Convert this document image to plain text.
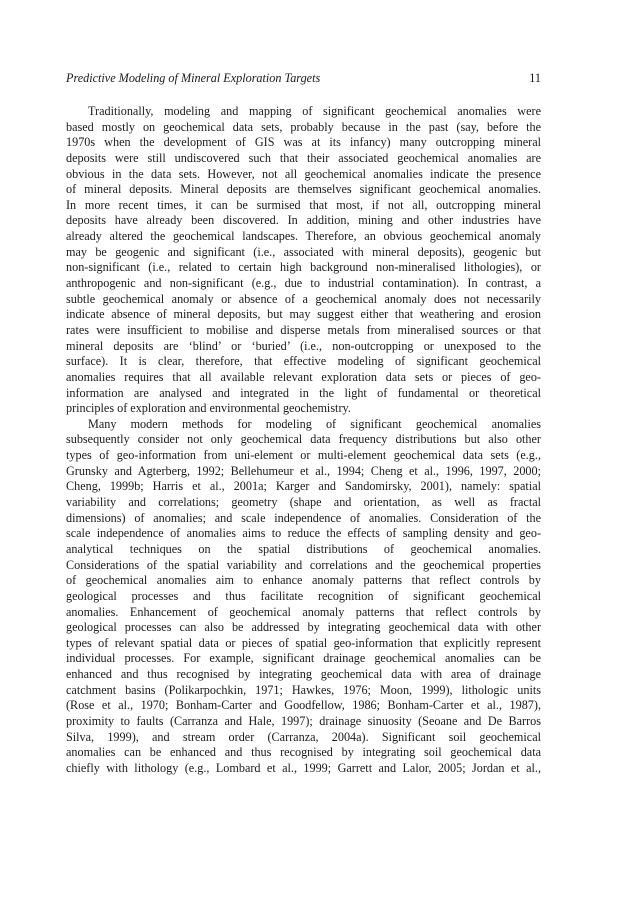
Predictive Modeling of Mineral Exploration Targets	11
Traditionally, modeling and mapping of significant geochemical anomalies were
based mostly on geochemical data sets, probably because in the past (say, before the
1970s when the development of GIS was at its infancy) many outcropping mineral
deposits were still undiscovered such that their associated geochemical anomalies are
obvious in the data sets. However, not all geochemical anomalies indicate the presence
of mineral deposits. Mineral deposits are themselves significant geochemical anomalies.
In more recent times, it can be surmised that most, if not all, outcropping mineral
deposits have already been discovered. In addition, mining and other industries have
already altered the geochemical landscapes. Therefore, an obvious geochemical anomaly
may be geogenic and significant (i.e., associated with mineral deposits), geogenic but
non-significant (i.e., related to certain high background non-mineralised lithologies), or
anthropogenic and non-significant (e.g., due to industrial contamination). In contrast, a
subtle geochemical anomaly or absence of a geochemical anomaly does not necessarily
indicate absence of mineral deposits, but may suggest either that weathering and erosion
rates were insufficient to mobilise and disperse metals from mineralised sources or that
mineral deposits are ‘blind’ or ‘buried’ (i.e., non-outcropping or unexposed to the
surface). It is clear, therefore, that effective modeling of significant geochemical
anomalies requires that all available relevant exploration data sets or pieces of geo-
information are analysed and integrated in the light of fundamental or theoretical
principles of exploration and environmental geochemistry.
Many modern methods for modeling of significant geochemical anomalies
subsequently consider not only geochemical data frequency distributions but also other
types of geo-information from uni-element or multi-element geochemical data sets (e.g.,
Grunsky and Agterberg, 1992; Bellehumeur et al., 1994; Cheng et al., 1996, 1997, 2000;
Cheng, 1999b; Harris et al., 2001a; Karger and Sandomirsky, 2001), namely: spatial
variability and correlations; geometry (shape and orientation, as well as fractal
dimensions) of anomalies; and scale independence of anomalies. Consideration of the
scale independence of anomalies aims to reduce the effects of sampling density and geo-
analytical techniques on the spatial distributions of geochemical anomalies.
Considerations of the spatial variability and correlations and the geochemical properties
of geochemical anomalies aim to enhance anomaly patterns that reflect controls by
geological processes and thus facilitate recognition of significant geochemical
anomalies. Enhancement of geochemical anomaly patterns that reflect controls by
geological processes can also be addressed by integrating geochemical data with other
types of relevant spatial data or pieces of spatial geo-information that explicitly represent
individual processes. For example, significant drainage geochemical anomalies can be
enhanced and thus recognised by integrating geochemical data with area of drainage
catchment basins (Polikarpochkin, 1971; Hawkes, 1976; Moon, 1999), lithologic units
(Rose et al., 1970; Bonham-Carter and Goodfellow, 1986; Bonham-Carter et al., 1987),
proximity to faults (Carranza and Hale, 1997); drainage sinuosity (Seoane and De Barros
Silva, 1999), and stream order (Carranza, 2004a). Significant soil geochemical
anomalies can be enhanced and thus recognised by integrating soil geochemical data
chiefly with lithology (e.g., Lombard et al., 1999; Garrett and Lalor, 2005; Jordan et al.,
